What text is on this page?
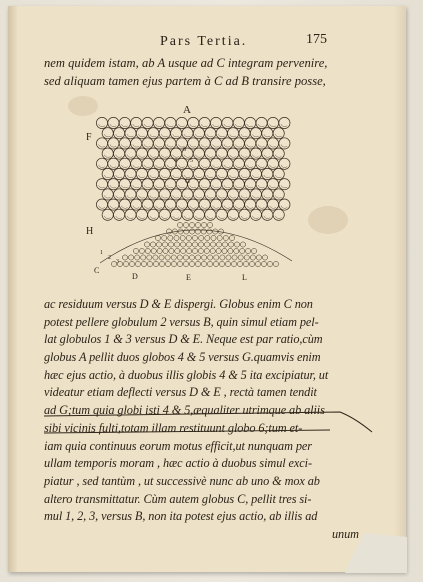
Pars Tertia.	175
nem quidem istam, ab A usque ad C integram pervenire,
sed aliquam tamen ejus partem à C ad B transire posse,
A
F
G
H
C
D	E	L
6
4 5
1
2
3
ac residuum versus D & E dispergi. Globus enim C non
potest pellere globulum 2 versus B, quin simul etiam pel-
lat globulos 1 & 3 versus D & E. Neque est par ratio,cùm
globus A pellit duos globos 4 & 5 versus G.quamvis enim
hæc ejus actio, à duobus illis globis 4 & 5 ita excipiatur, ut
videatur etiam deflecti versus D & E , rectà tamen tendit
ad G;tum quia globi isti 4 & 5,æqualiter utrimque ab aliis
sibi vicinis fulti,totam illam restituunt globo 6;tum et-
iam quia continuus eorum motus efficit,ut nunquam per
ullam temporis moram , hæc actio à duobus simul exci-
piatur , sed tantùm , ut successivè nunc ab uno & mox ab
altero transmittatur. Cùm autem globus C, pellit tres si-
mul 1, 2, 3, versus B, non ita potest ejus actio, ab illis ad
unum
